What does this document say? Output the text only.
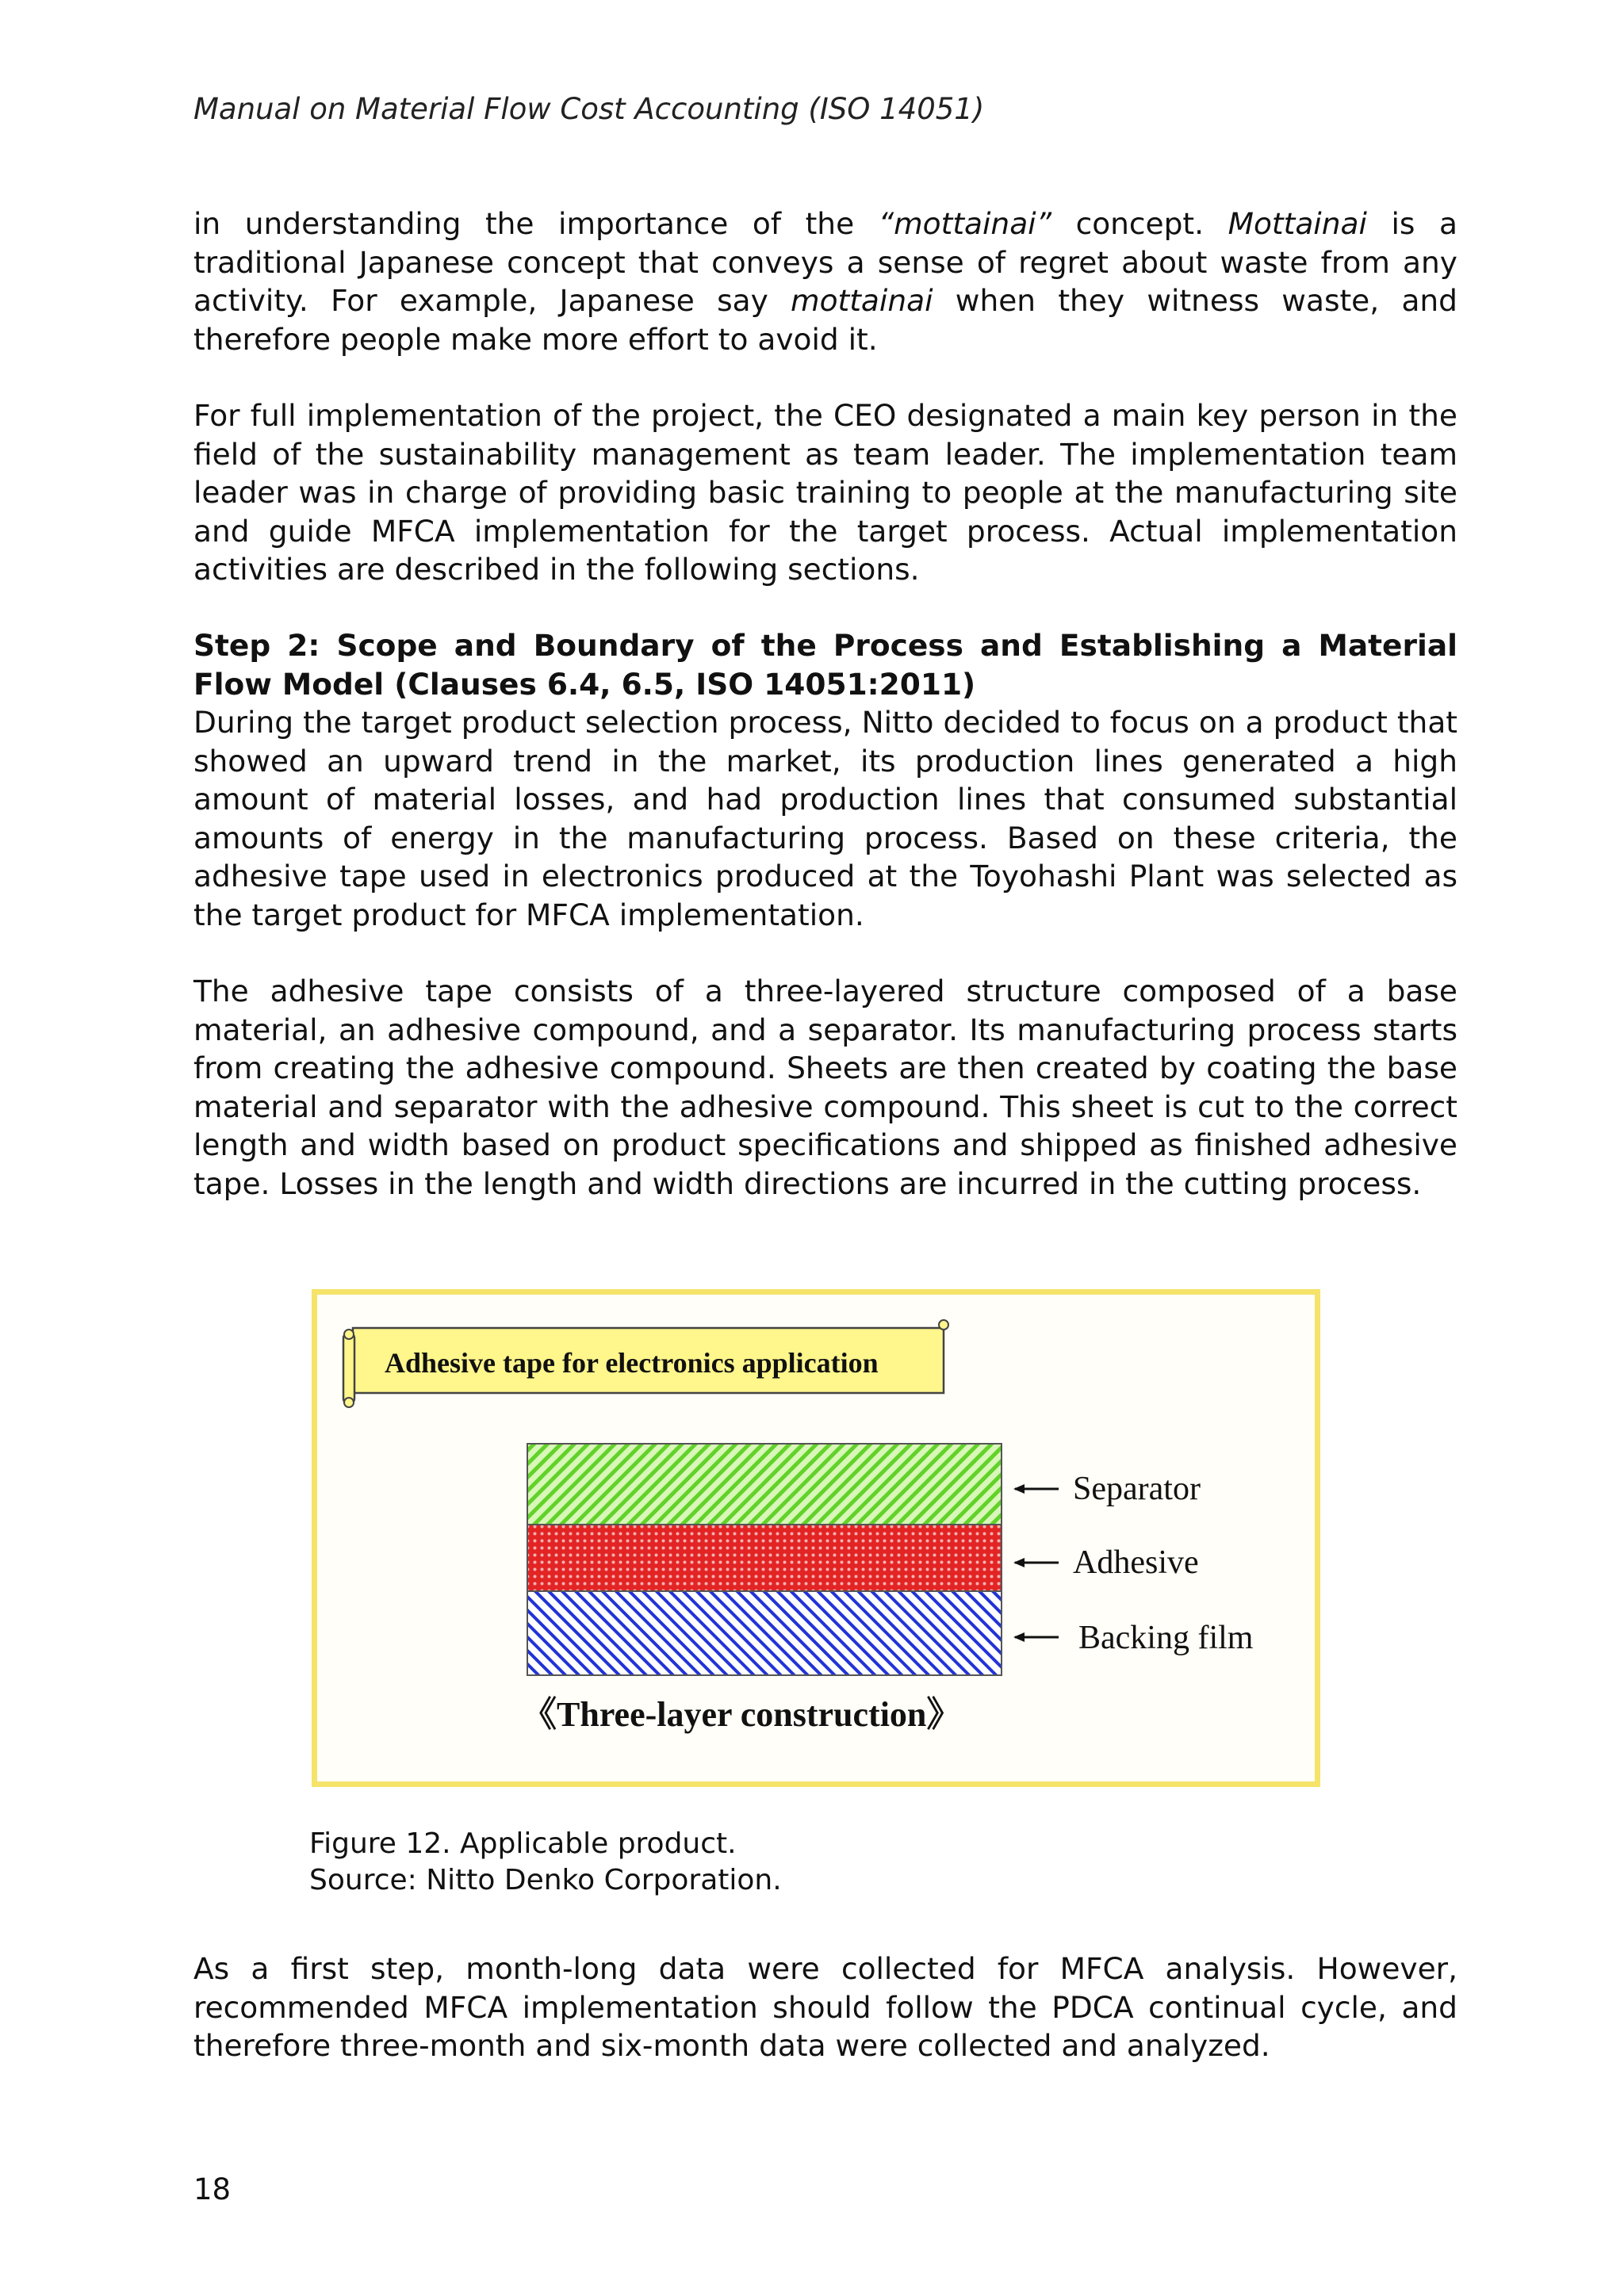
Manual on Material Flow Cost Accounting (ISO 14051)

in understanding the importance of the “mottainai” concept. Mottainai is a traditional Japanese concept that conveys a sense of regret about waste from any activity. For example, Japanese say mottainai when they witness waste, and therefore people make more effort to avoid it.

For full implementation of the project, the CEO designated a main key person in the field of the sustainability management as team leader. The implementation team leader was in charge of providing basic training to people at the manufacturing site and guide MFCA implementation for the target process. Actual implementation activities are described in the following sections.

Step 2: Scope and Boundary of the Process and Establishing a Material Flow Model (Clauses 6.4, 6.5, ISO 14051:2011)

During the target product selection process, Nitto decided to focus on a product that showed an upward trend in the market, its production lines generated a high amount of material losses, and had production lines that consumed substantial amounts of energy in the manufacturing process. Based on these criteria, the adhesive tape used in electronics produced at the Toyohashi Plant was selected as the target product for MFCA implementation.

The adhesive tape consists of a three-layered structure composed of a base material, an adhesive compound, and a separator. Its manufacturing process starts from creating the adhesive compound. Sheets are then created by coating the base material and separator with the adhesive compound. This sheet is cut to the correct length and width based on product specifications and shipped as finished adhesive tape. Losses in the length and width directions are incurred in the cutting process.

Adhesive tape for electronics application
Separator
Adhesive
Backing film
《Three-layer construction》
Figure 12. Applicable product.
Source: Nitto Denko Corporation.

As a first step, month-long data were collected for MFCA analysis. However, recommended MFCA implementation should follow the PDCA continual cycle, and therefore three-month and six-month data were collected and analyzed.

18
